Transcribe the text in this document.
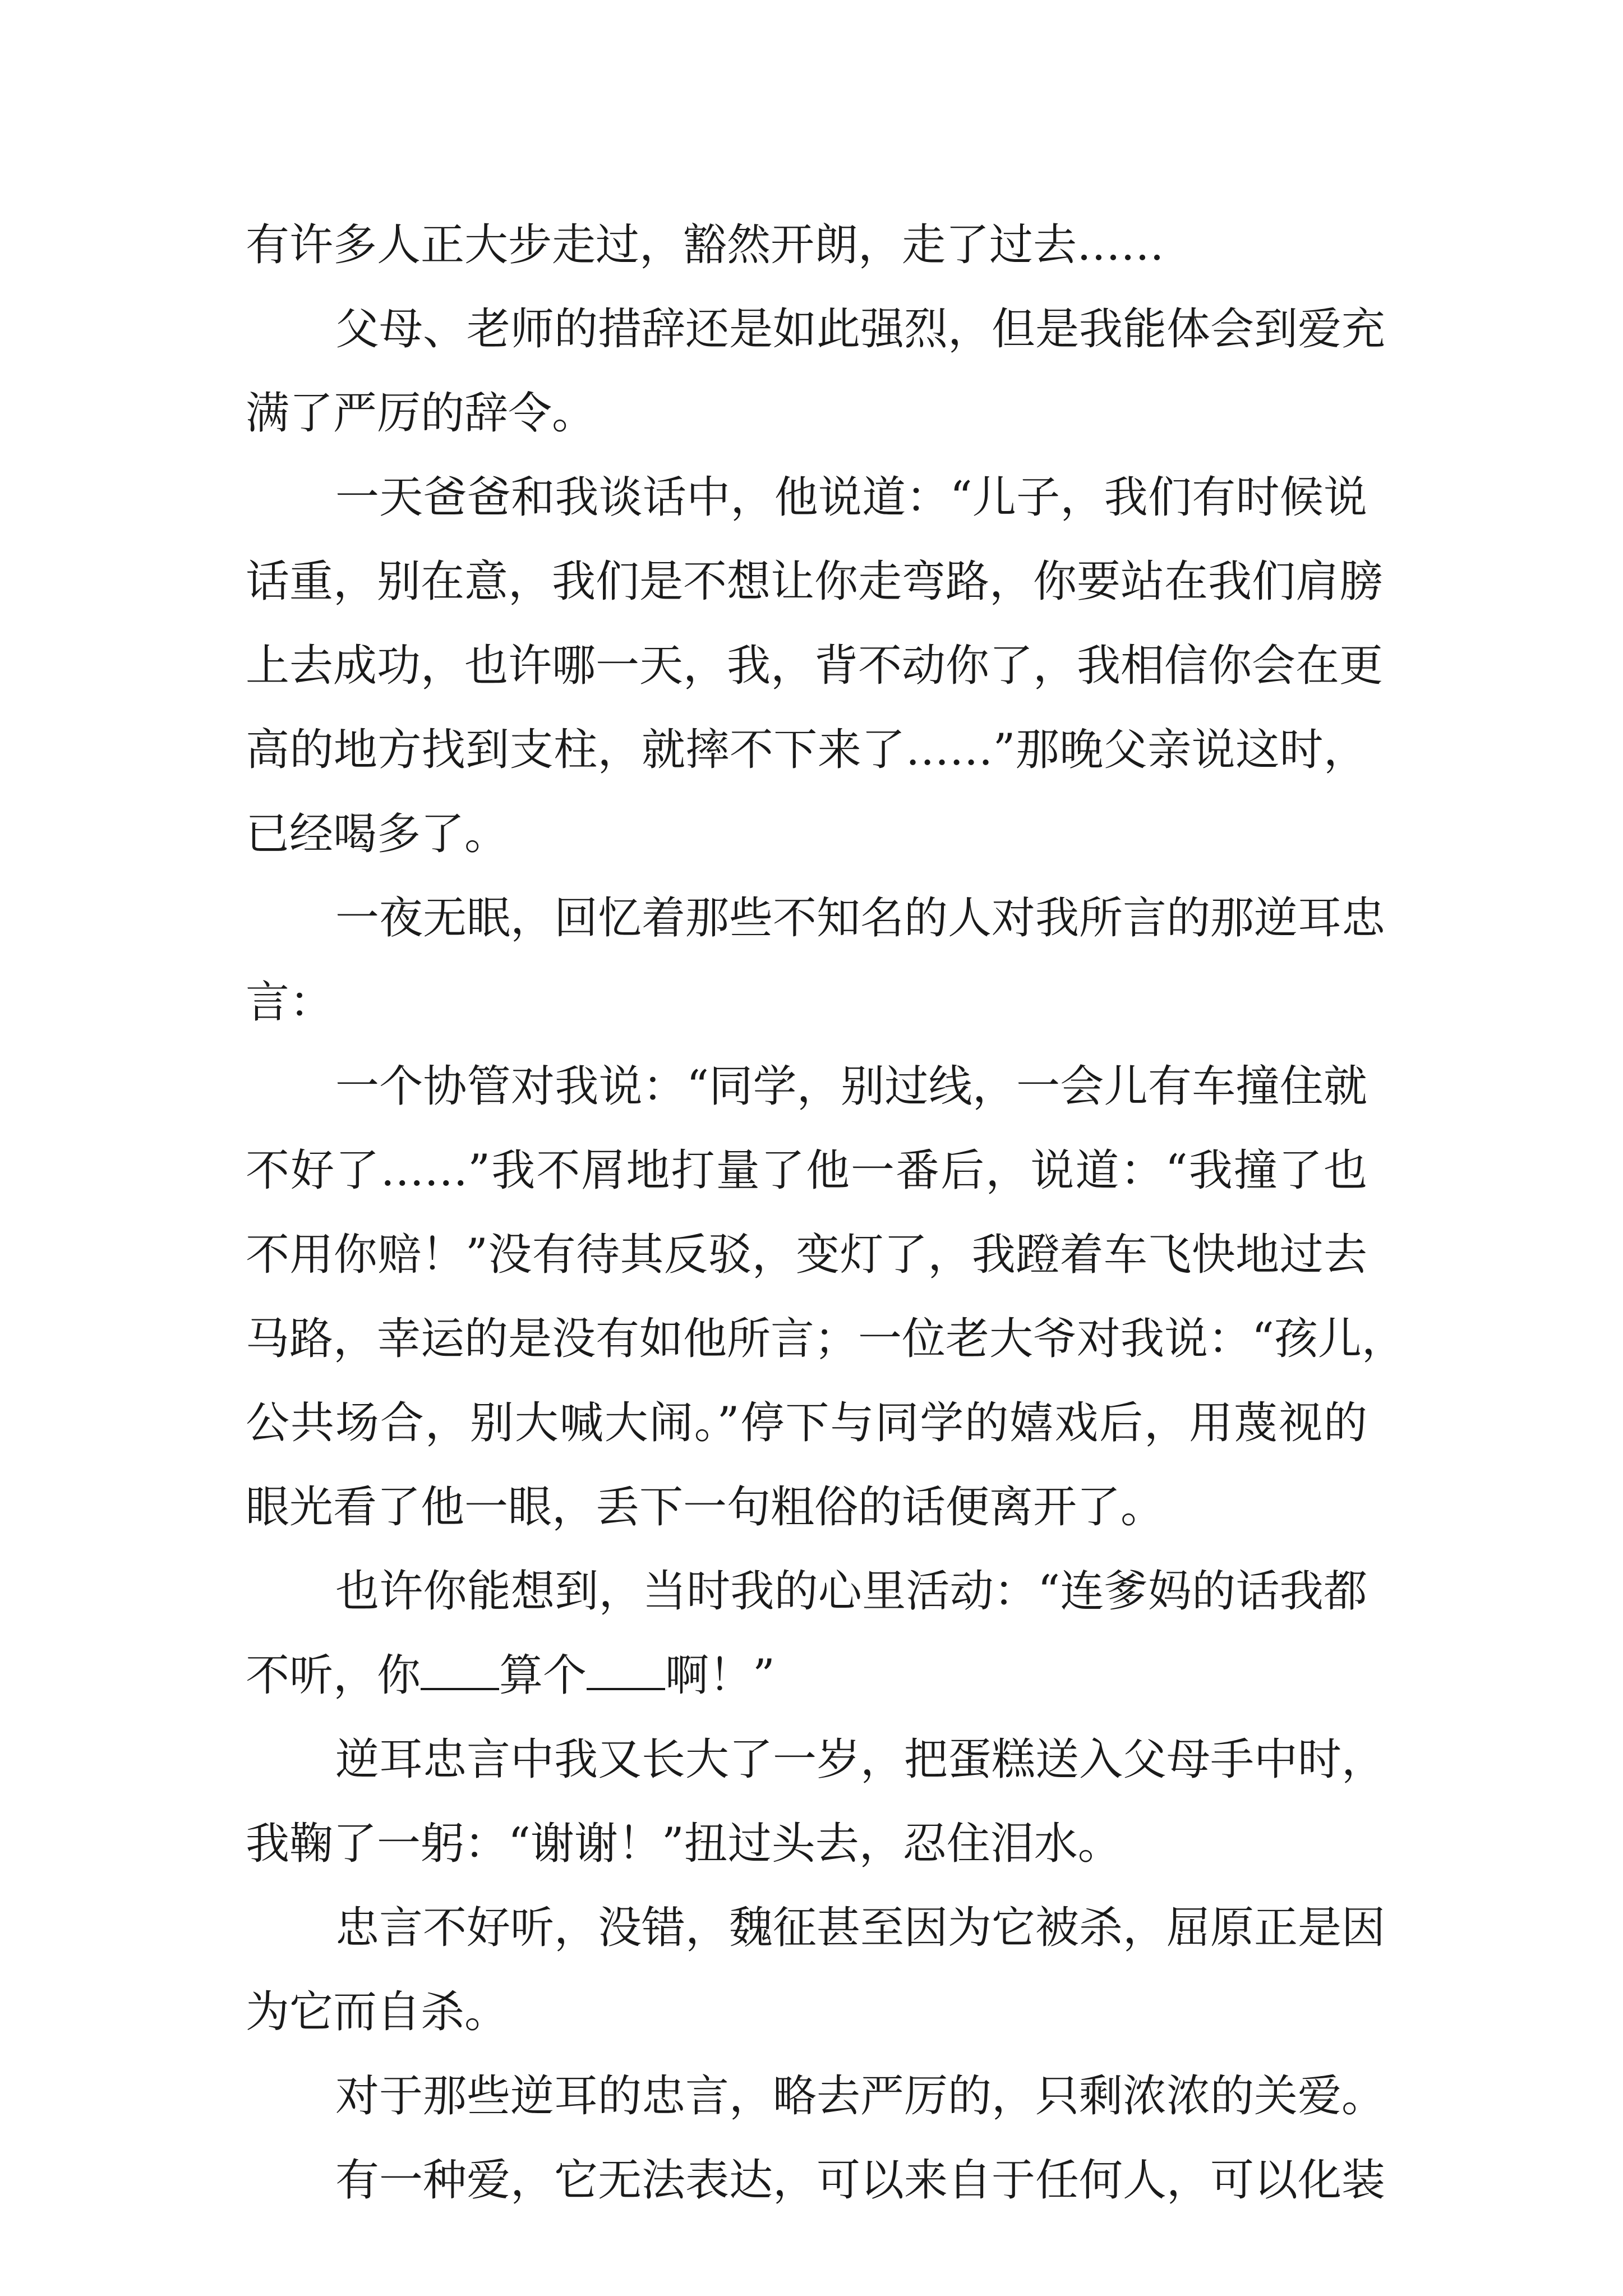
有许多人正大步走过，豁然开朗，走了过去……
父母、老师的措辞还是如此强烈，但是我能体会到爱充
满了严厉的辞令。
一天爸爸和我谈话中，他说道：“儿子，我们有时候说
话重，别在意，我们是不想让你走弯路，你要站在我们肩膀
上去成功，也许哪一天，我，背不动你了，我相信你会在更
高的地方找到支柱，就摔不下来了……”那晚父亲说这时，
已经喝多了。
一夜无眠，回忆着那些不知名的人对我所言的那逆耳忠
言：
一个协管对我说：“同学，别过线，一会儿有车撞住就
不好了……”我不屑地打量了他一番后，说道：“我撞了也
不用你赔！”没有待其反驳，变灯了，我蹬着车飞快地过去
马路，幸运的是没有如他所言；一位老大爷对我说：“孩儿，
公共场合，别大喊大闹。”停下与同学的嬉戏后，用蔑视的
眼光看了他一眼，丢下一句粗俗的话便离开了。
也许你能想到，当时我的心里活动：“连爹妈的话我都
不听，你 算个 啊！”
逆耳忠言中我又长大了一岁，把蛋糕送入父母手中时，
我鞠了一躬：“谢谢！”扭过头去，忍住泪水。
忠言不好听，没错，魏征甚至因为它被杀，屈原正是因
为它而自杀。
对于那些逆耳的忠言，略去严厉的，只剩浓浓的关爱。
有一种爱，它无法表达，可以来自于任何人，可以化装
